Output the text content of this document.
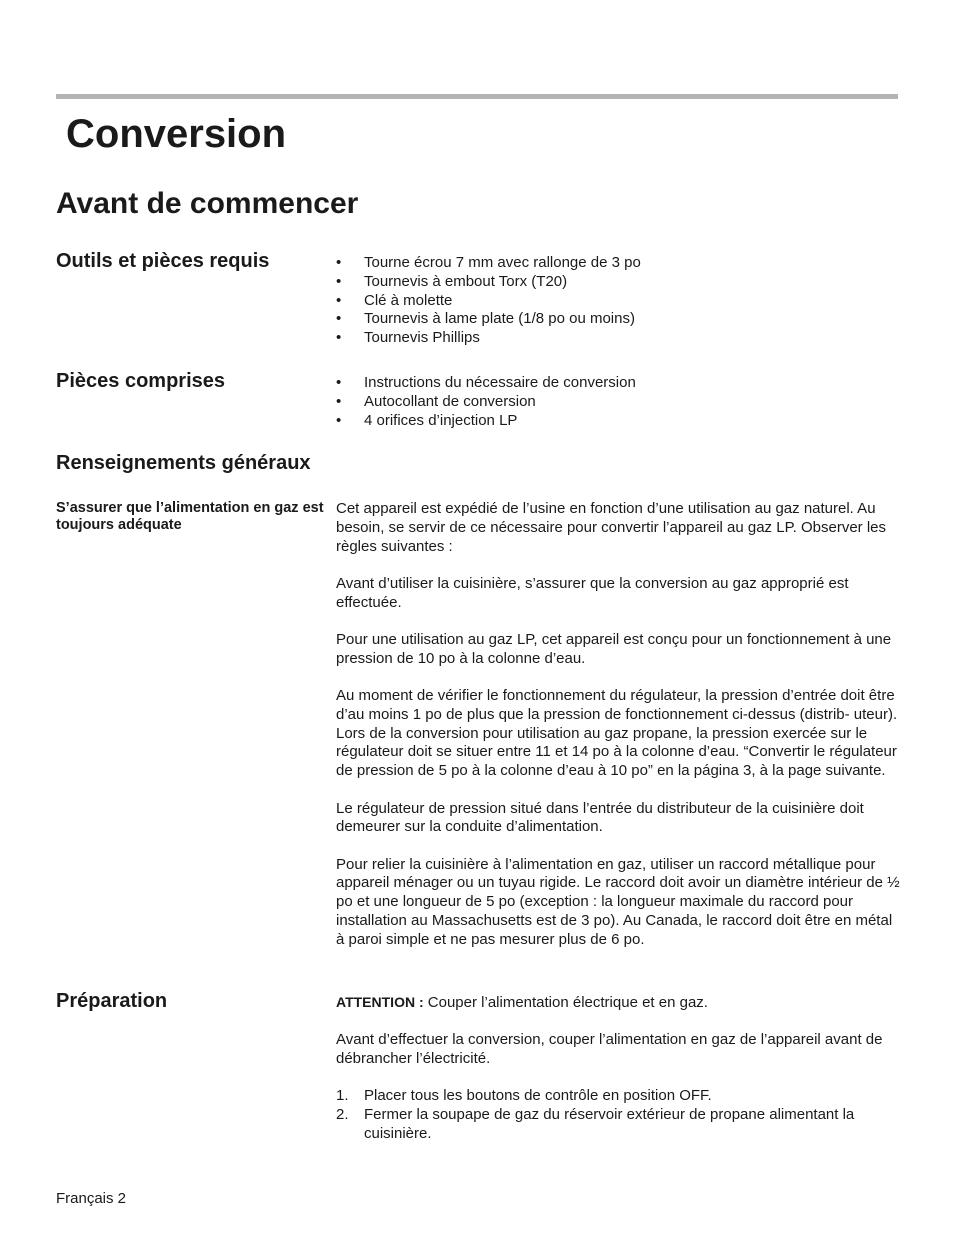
Conversion
Avant de commencer
Outils et pièces requis	• Tourne écrou 7 mm avec rallonge de 3 po
• Tournevis à embout Torx (T20)
• Clé à molette
• Tournevis à lame plate (1/8 po ou moins)
• Tournevis Phillips
Pièces comprises	• Instructions du nécessaire de conversion
• Autocollant de conversion
• 4 orifices d’injection LP
Renseignements généraux

S’assurer que l’alimentation en gaz est toujours adéquate

Cet appareil est expédié de l’usine en fonction d’une utilisation au gaz naturel. Au besoin, se servir de ce nécessaire pour convertir l’appareil au gaz LP. Observer les règles suivantes :

Avant d’utiliser la cuisinière, s’assurer que la conversion au gaz approprié est effectuée.

Pour une utilisation au gaz LP, cet appareil est conçu pour un fonctionnement à une pression de 10 po à la colonne d’eau.

Au moment de vérifier le fonctionnement du régulateur, la pression d’entrée doit être d’au moins 1 po de plus que la pression de fonctionnement ci-dessus (distrib- uteur). Lors de la conversion pour utilisation au gaz propane, la pression exercée sur le régulateur doit se situer entre 11 et 14 po à la colonne d’eau. “Convertir le régulateur de pression de 5 po à la colonne d’eau à 10 po” en la página 3, à la page suivante.

Le régulateur de pression situé dans l’entrée du distributeur de la cuisinière doit demeurer sur la conduite d’alimentation.

Pour relier la cuisinière à l’alimentation en gaz, utiliser un raccord métallique pour appareil ménager ou un tuyau rigide. Le raccord doit avoir un diamètre intérieur de ½ po et une longueur de 5 po (exception : la longueur maximale du raccord pour installation au Massachusetts est de 3 po). Au Canada, le raccord doit être en métal à paroi simple et ne pas mesurer plus de 6 po.

Préparation	ATTENTION : Couper l’alimentation électrique et en gaz.

Avant d’effectuer la conversion, couper l’alimentation en gaz de l’appareil avant de débrancher l’électricité.

1. Placer tous les boutons de contrôle en position OFF.
2. Fermer la soupape de gaz du réservoir extérieur de propane alimentant la cuisinière.
Français 2
